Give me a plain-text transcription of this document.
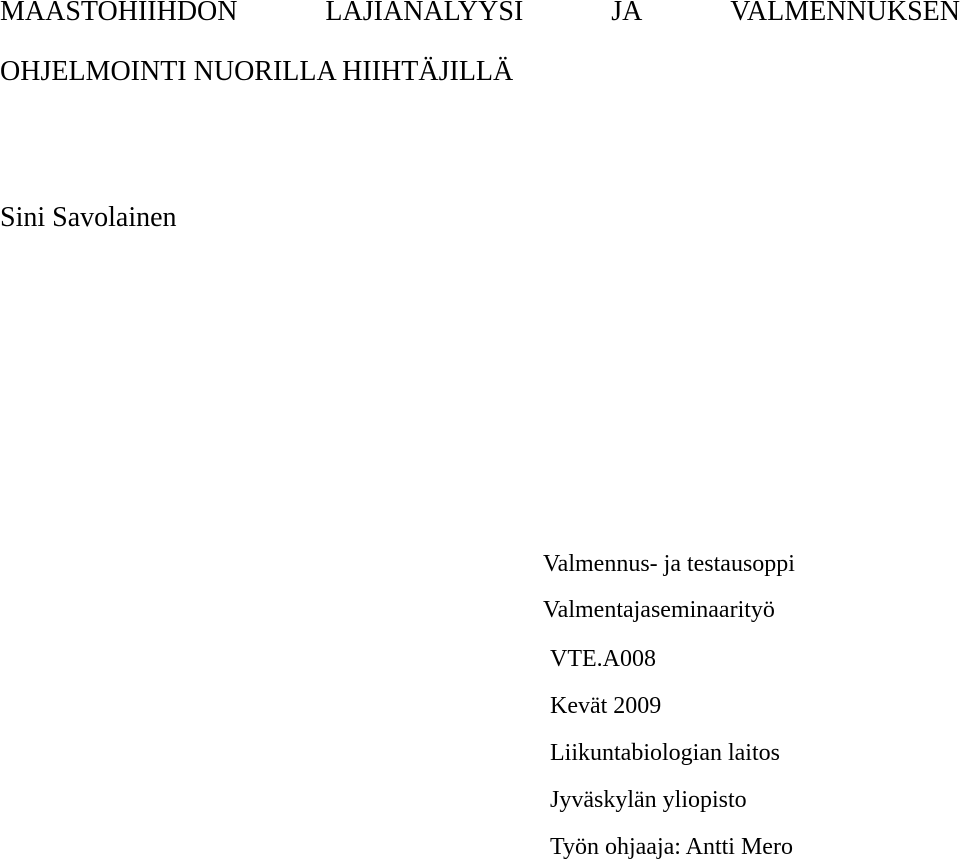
MAASTOHIIHDON	LAJIANALYYSI	JA	VALMENNUKSEN
OHJELMOINTI NUORILLA HIIHTÄJILLÄ
Sini Savolainen
Valmennus- ja testausoppi
Valmentajaseminaarityö
VTE.A008
Kevät 2009
Liikuntabiologian laitos
Jyväskylän yliopisto
Työn ohjaaja: Antti Mero
